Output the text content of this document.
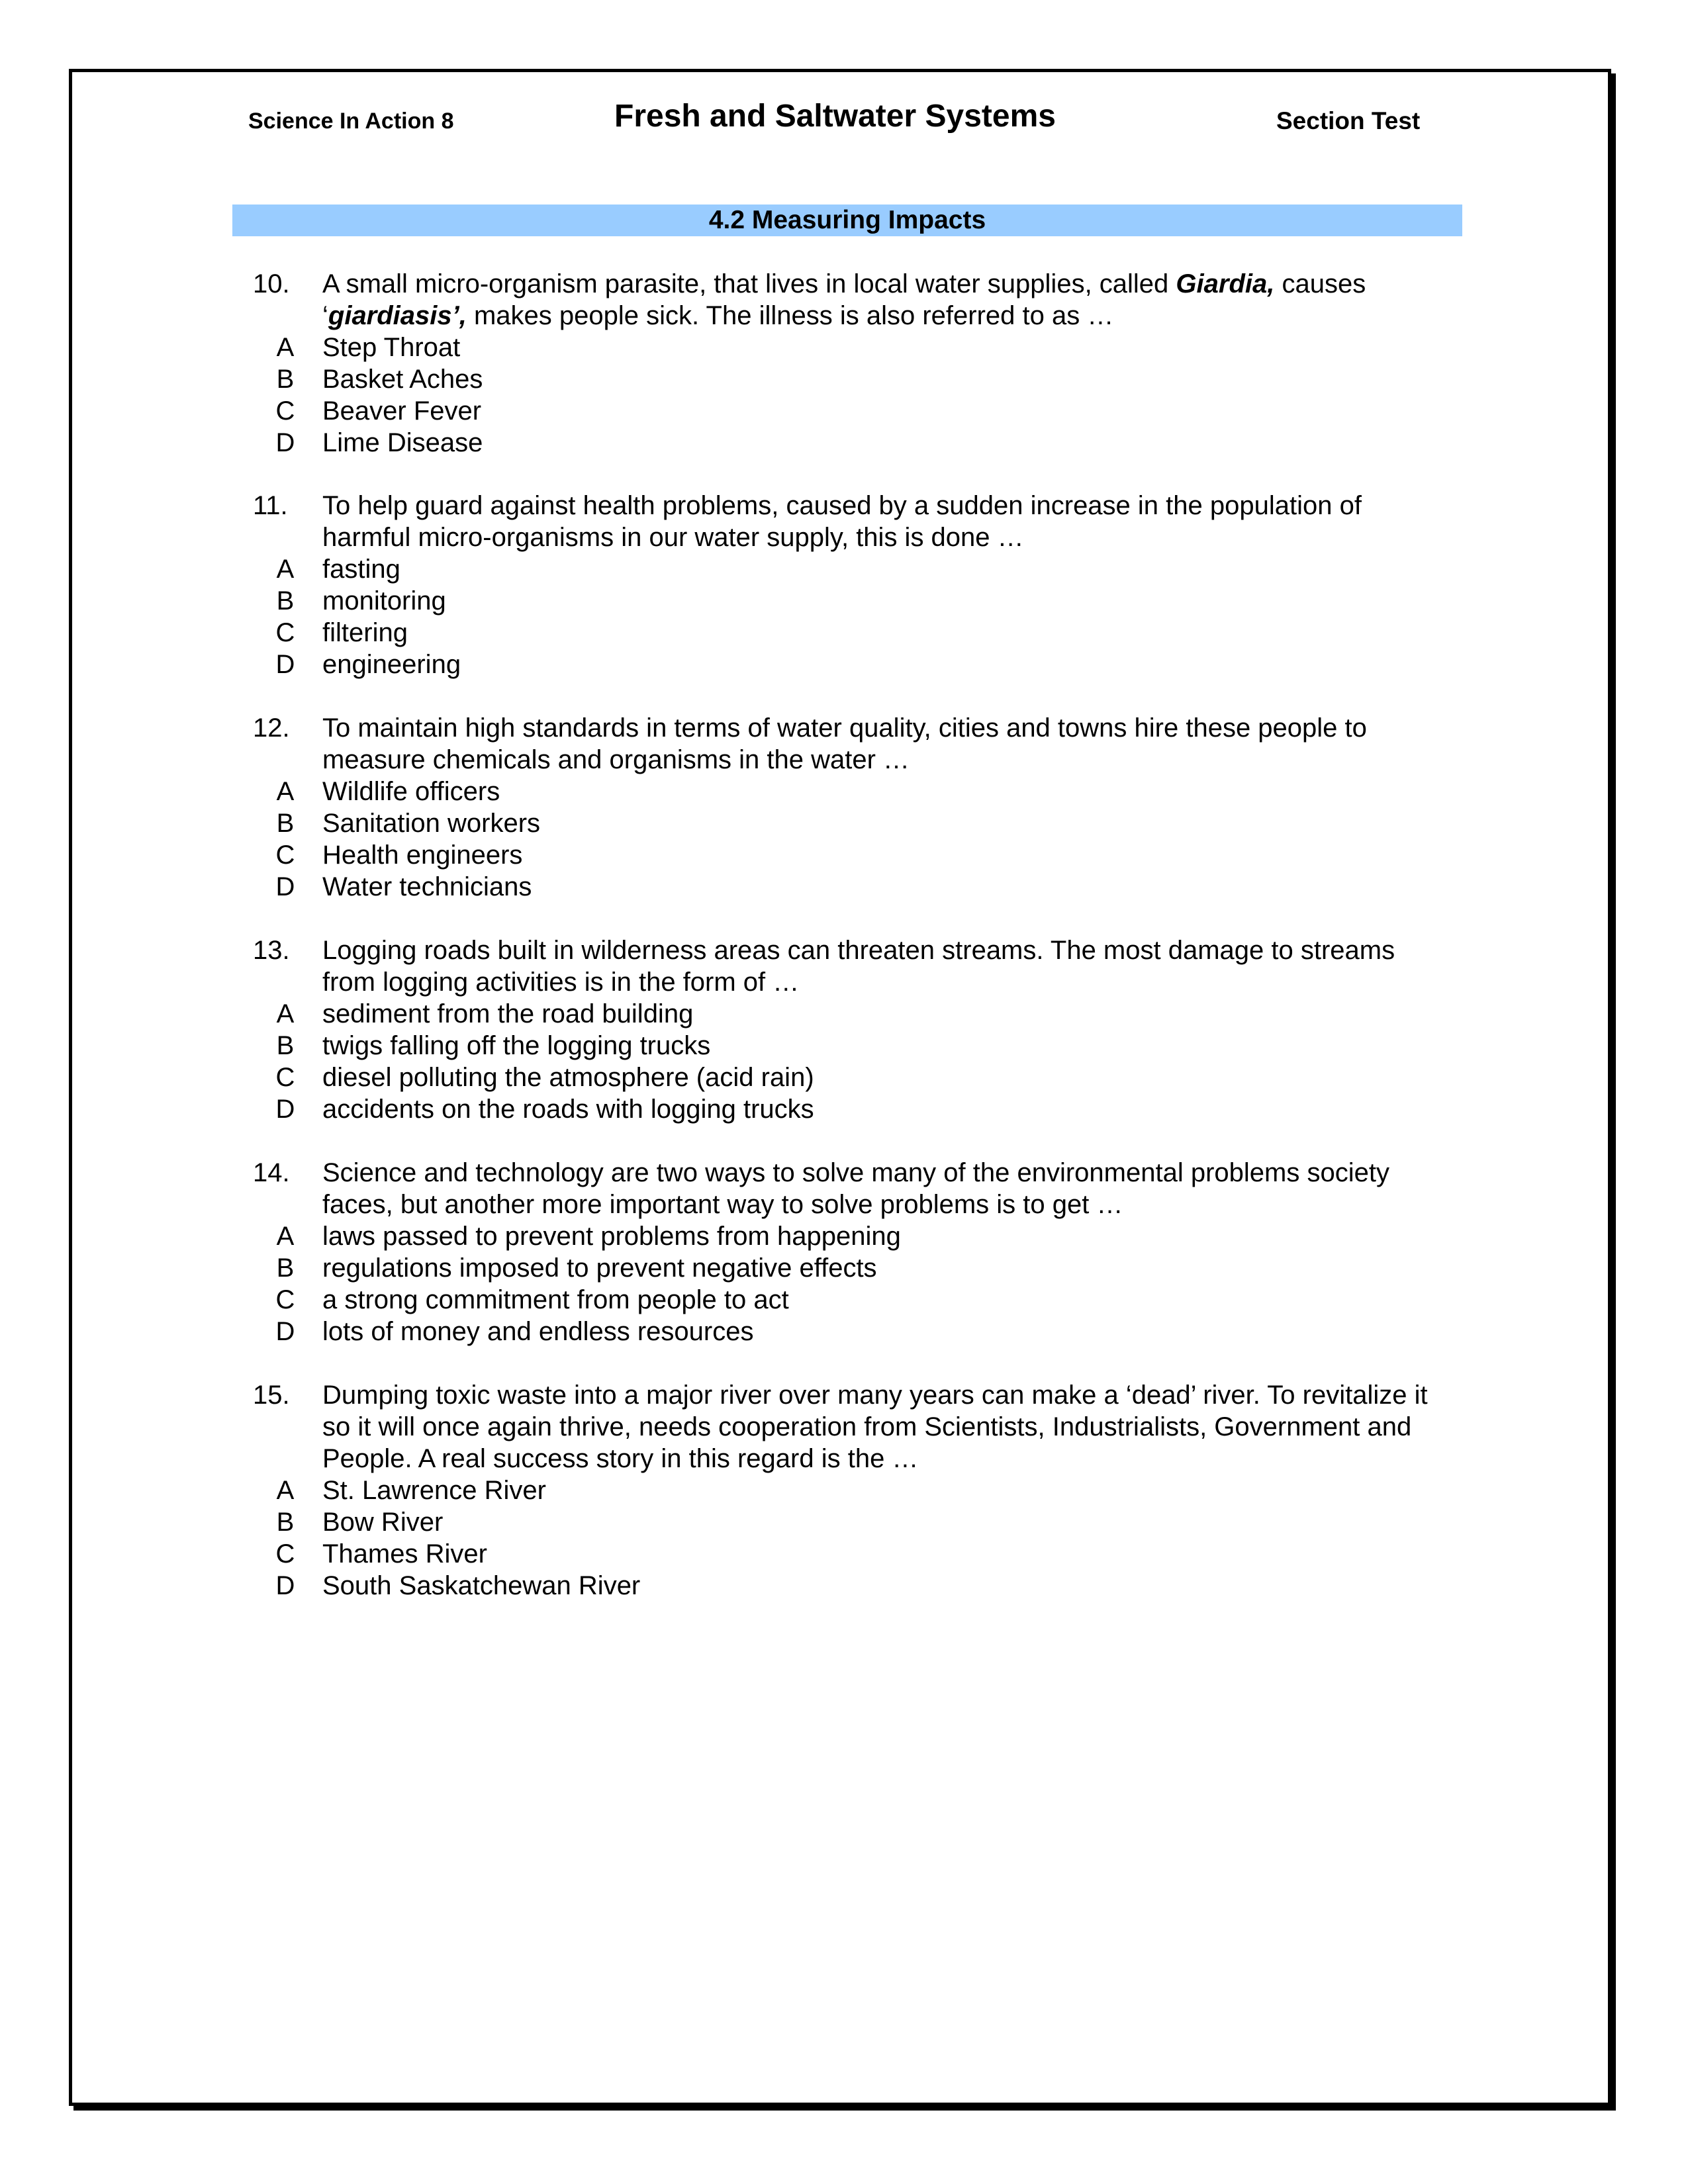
Science In Action 8	Fresh and Saltwater Systems	Section Test
4.2 Measuring Impacts
10.	A small micro-organism parasite, that lives in local water supplies, called Giardia, causes ‘giardiasis’, makes people sick. The illness is also referred to as …
A Step Throat
B Basket Aches
C Beaver Fever
D Lime Disease
11.	To help guard against health problems, caused by a sudden increase in the population of harmful micro-organisms in our water supply, this is done …
A fasting
B monitoring
C filtering
D engineering
12.	To maintain high standards in terms of water quality, cities and towns hire these people to measure chemicals and organisms in the water …
A Wildlife officers
B Sanitation workers
C Health engineers
D Water technicians
13.	Logging roads built in wilderness areas can threaten streams. The most damage to streams from logging activities is in the form of …
A sediment from the road building
B twigs falling off the logging trucks
C diesel polluting the atmosphere (acid rain)
D accidents on the roads with logging trucks
14.	Science and technology are two ways to solve many of the environmental problems society faces, but another more important way to solve problems is to get …
A laws passed to prevent problems from happening
B regulations imposed to prevent negative effects
C a strong commitment from people to act
D lots of money and endless resources
15.	Dumping toxic waste into a major river over many years can make a ‘dead’ river. To revitalize it so it will once again thrive, needs cooperation from Scientists, Industrialists, Government and People. A real success story in this regard is the …
A St. Lawrence River
B Bow River
C Thames River
D South Saskatchewan River
